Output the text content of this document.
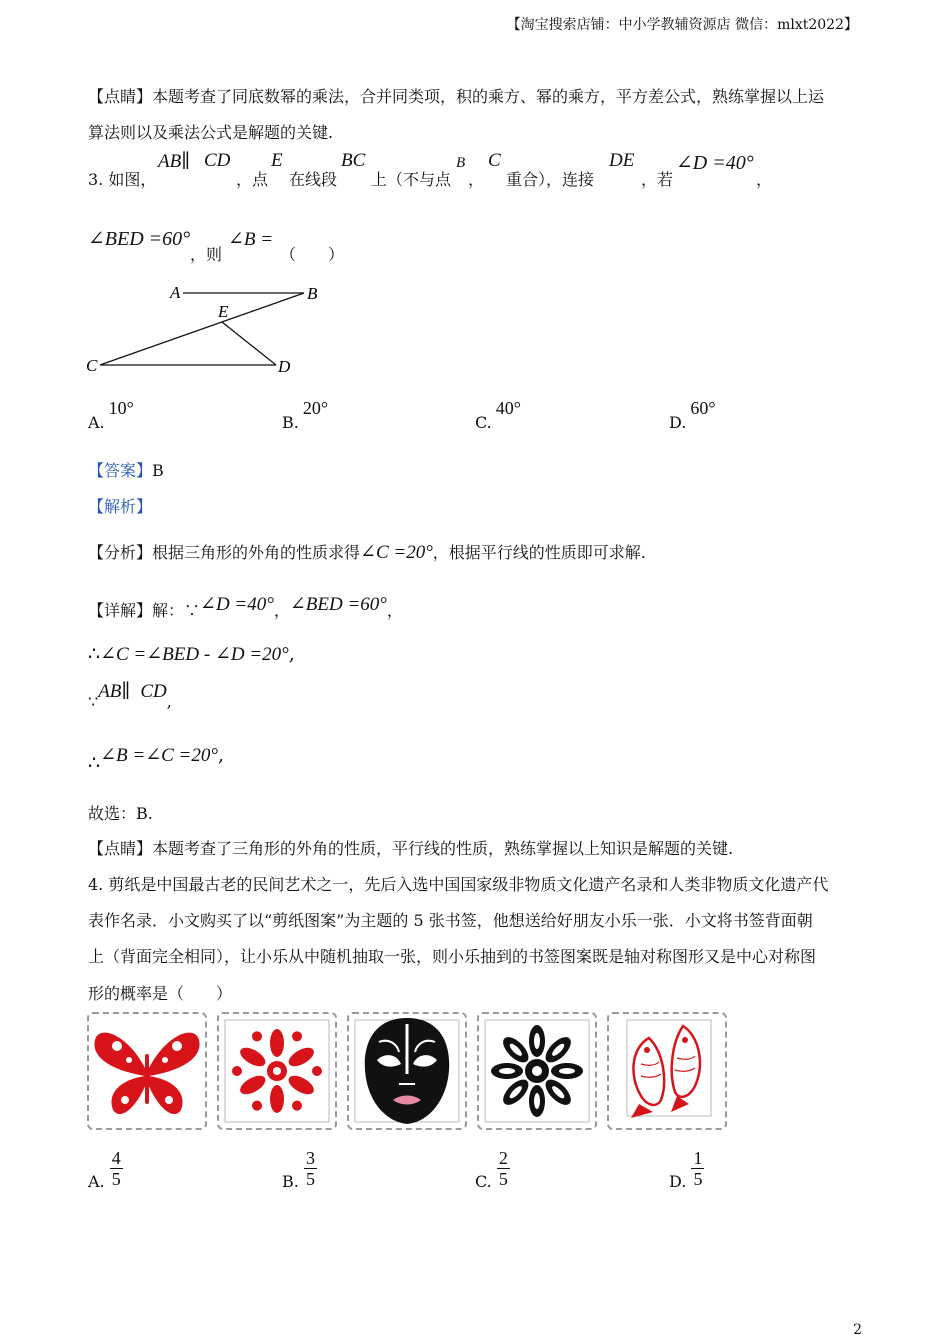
【淘宝搜索店铺：中小学教辅资源店 微信：mlxt2022】
【点睛】本题考查了同底数幂的乘法，合并同类项，积的乘方、幂的乘方，平方差公式，熟练掌握以上运
算法则以及乘法公式是解题的关键.
3. 如图，
AB∥ CD
，点
E
在线段
BC
上（不与点
B
，
C
重合），连接
DE
，若
∠D =40°
，
∠BED =60°
，则
∠B =
（　　）
A	B
E
C	D
A.10°
B.20°
C.40°
D.60°
【答案】B
【解析】
【分析】根据三角形的外角的性质求得∠C =20°，根据平行线的性质即可求解.
【详解】解：∵∠D =40°，∠BED =60°，
∴∠C =∠BED - ∠D =20°,
∵AB∥ CD,
∴∠B =∠C =20°,
故选：B.
【点睛】本题考查了三角形的外角的性质，平行线的性质，熟练掌握以上知识是解题的关键.
4. 剪纸是中国最古老的民间艺术之一，先后入选中国国家级非物质文化遗产名录和人类非物质文化遗产代
表作名录．小文购买了以“剪纸图案”为主题的 5 张书签，他想送给好朋友小乐一张．小文将书签背面朝
上（背面完全相同），让小乐从中随机抽取一张，则小乐抽到的书签图案既是轴对称图形又是中心对称图
形的概率是（　　）
A. $\frac{4}{5}$	B. $\frac{3}{5}$	C. $\frac{2}{5}$	D. $\frac{1}{5}$
2
